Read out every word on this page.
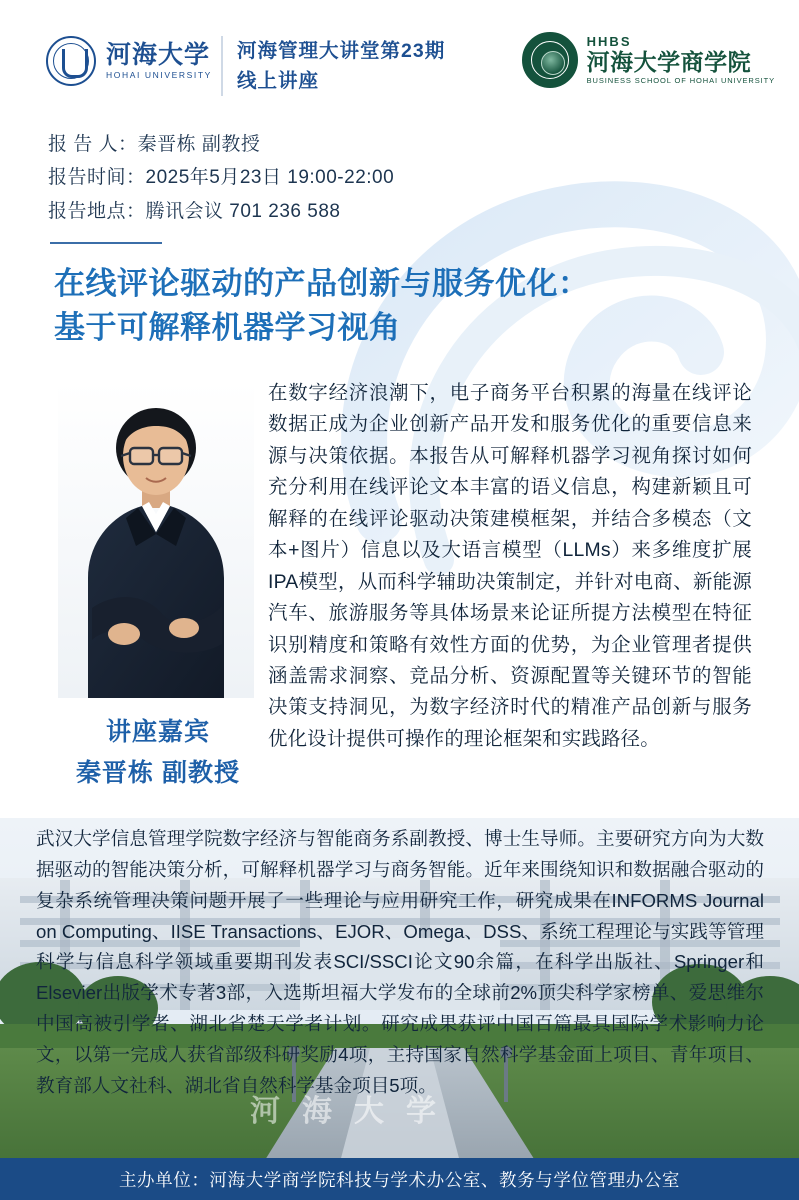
河海大学
HOHAI UNIVERSITY
河海管理大讲堂第23期
线上讲座
HHBS
河海大学商学院
BUSINESS SCHOOL OF HOHAI UNIVERSITY
报 告 人：秦晋栋 副教授
报告时间：2025年5月23日 19:00-22:00
报告地点：腾讯会议 701 236 588
在线评论驱动的产品创新与服务优化：
基于可解释机器学习视角
讲座嘉宾
秦晋栋 副教授
在数字经济浪潮下，电子商务平台积累的海量在线评论数据正成为企业创新产品开发和服务优化的重要信息来源与决策依据。本报告从可解释机器学习视角探讨如何充分利用在线评论文本丰富的语义信息，构建新颖且可解释的在线评论驱动决策建模框架，并结合多模态（文本+图片）信息以及大语言模型（LLMs）来多维度扩展IPA模型，从而科学辅助决策制定，并针对电商、新能源汽车、旅游服务等具体场景来论证所提方法模型在特征识别精度和策略有效性方面的优势，为企业管理者提供涵盖需求洞察、竞品分析、资源配置等关键环节的智能决策支持洞见，为数字经济时代的精准产品创新与服务优化设计提供可操作的理论框架和实践路径。
武汉大学信息管理学院数字经济与智能商务系副教授、博士生导师。主要研究方向为大数据驱动的智能决策分析，可解释机器学习与商务智能。近年来围绕知识和数据融合驱动的复杂系统管理决策问题开展了一些理论与应用研究工作，研究成果在INFORMS Journal on Computing、IISE Transactions、EJOR、Omega、DSS、系统工程理论与实践等管理科学与信息科学领域重要期刊发表SCI/SSCI论文90余篇，在科学出版社、Springer和Elsevier出版学术专著3部，入选斯坦福大学发布的全球前2%顶尖科学家榜单、爱思维尔中国高被引学者、湖北省楚天学者计划。研究成果获评中国百篇最具国际学术影响力论文，以第一完成人获省部级科研奖励4项，主持国家自然科学基金面上项目、青年项目、教育部人文社科、湖北省自然科学基金项目5项。
河海大学
主办单位：河海大学商学院科技与学术办公室、教务与学位管理办公室
